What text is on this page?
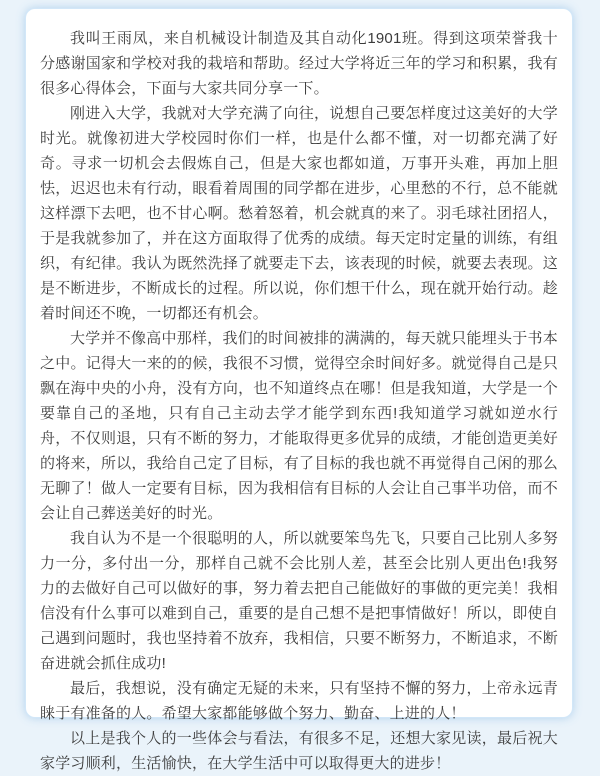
我叫王雨凤，来自机械设计制造及其自动化1901班。得到这项荣誉我十分感谢国家和学校对我的栽培和帮助。经过大学将近三年的学习和积累，我有很多心得体会，下面与大家共同分享一下。

刚进入大学，我就对大学充满了向往，说想自己要怎样度过这美好的大学时光。就像初进大学校园时你们一样，也是什么都不懂，对一切都充满了好奇。寻求一切机会去假炼自己，但是大家也都如道，万事开头难，再加上胆怯，迟迟也未有行动，眼看着周围的同学都在进步，心里愁的不行，总不能就这样漂下去吧，也不甘心啊。愁着怒着，机会就真的来了。羽毛球社团招人，于是我就参加了，并在这方面取得了优秀的成绩。每天定时定量的训练，有组织，有纪律。我认为既然洗择了就要走下去，该表现的时候，就要去表现。这是不断进步，不断成长的过程。所以说，你们想干什么，现在就开始行动。趁着时间还不晚，一切都还有机会。

大学并不像高中那样，我们的时间被排的满满的，每天就只能埋头于书本之中。记得大一来的的候，我很不习惯，觉得空余时间好多。就觉得自己是只飘在海中央的小舟，没有方向，也不知道终点在哪！但是我知道，大学是一个要靠自己的圣地，只有自己主动去学才能学到东西!我知道学习就如逆水行舟，不仅则退，只有不断的努力，才能取得更多优异的成绩，才能创造更美好的将来，所以，我给自己定了目标，有了目标的我也就不再觉得自己闲的那么无聊了！做人一定要有目标，因为我相信有目标的人会让自己事半功倍，而不会让自己葬送美好的时光。

我自认为不是一个很聪明的人，所以就要笨鸟先飞，只要自己比别人多努力一分，多付出一分，那样自己就不会比别人差，甚至会比别人更出色!我努力的去做好自己可以做好的事，努力着去把自己能做好的事做的更完美！我相信没有什么事可以难到自己，重要的是自己想不是把事情做好！所以，即使自己遇到问题时，我也坚持着不放弃，我相信，只要不断努力，不断追求，不断奋进就会抓住成功!

最后，我想说，没有确定无疑的未来，只有坚持不懈的努力，上帝永远青睐于有准备的人。希望大家都能够做个努力、勤奋、上进的人！

以上是我个人的一些体会与看法，有很多不足，还想大家见读，最后祝大家学习顺利，生活愉快，在大学生活中可以取得更大的进步！
